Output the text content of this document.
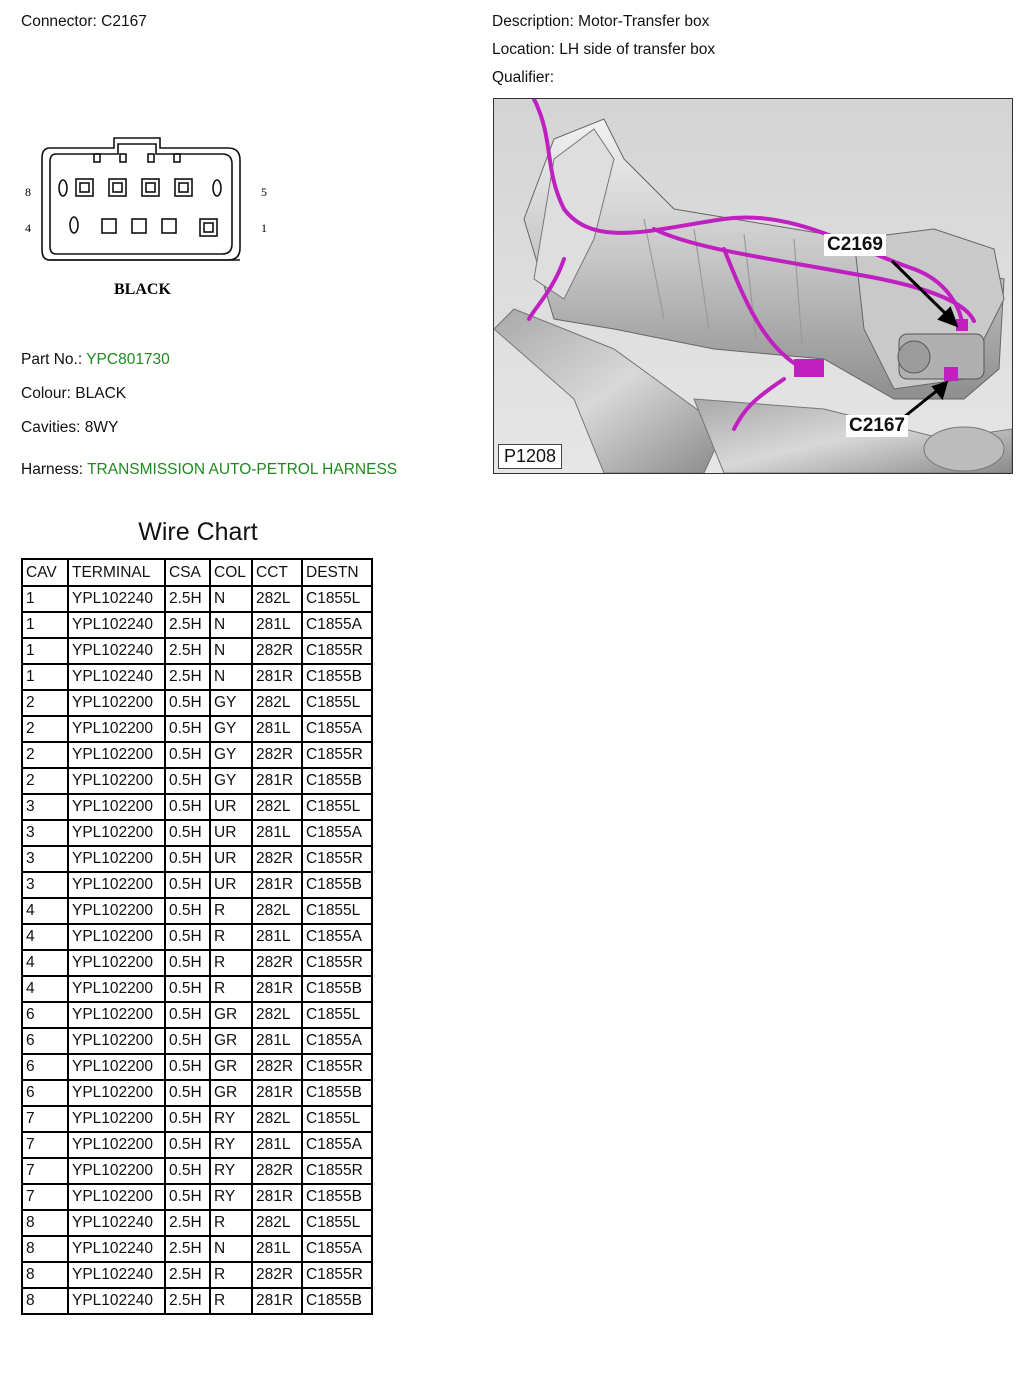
Connector: C2167	Description: Motor-Transfer box
Location: LH side of transfer box
Qualifier:
8
4
5
1
BLACK
C2169
C2167
P1208
Part No.: YPC801730
Colour: BLACK
Cavities: 8WY
Harness: TRANSMISSION AUTO-PETROL HARNESS
Wire Chart
CAV	TERMINAL	CSA	COL	CCT	DESTN
1	YPL102240	2.5H	N	282L	C1855L
1	YPL102240	2.5H	N	281L	C1855A
1	YPL102240	2.5H	N	282R	C1855R
1	YPL102240	2.5H	N	281R	C1855B
2	YPL102200	0.5H	GY	282L	C1855L
2	YPL102200	0.5H	GY	281L	C1855A
2	YPL102200	0.5H	GY	282R	C1855R
2	YPL102200	0.5H	GY	281R	C1855B
3	YPL102200	0.5H	UR	282L	C1855L
3	YPL102200	0.5H	UR	281L	C1855A
3	YPL102200	0.5H	UR	282R	C1855R
3	YPL102200	0.5H	UR	281R	C1855B
4	YPL102200	0.5H	R	282L	C1855L
4	YPL102200	0.5H	R	281L	C1855A
4	YPL102200	0.5H	R	282R	C1855R
4	YPL102200	0.5H	R	281R	C1855B
6	YPL102200	0.5H	GR	282L	C1855L
6	YPL102200	0.5H	GR	281L	C1855A
6	YPL102200	0.5H	GR	282R	C1855R
6	YPL102200	0.5H	GR	281R	C1855B
7	YPL102200	0.5H	RY	282L	C1855L
7	YPL102200	0.5H	RY	281L	C1855A
7	YPL102200	0.5H	RY	282R	C1855R
7	YPL102200	0.5H	RY	281R	C1855B
8	YPL102240	2.5H	R	282L	C1855L
8	YPL102240	2.5H	N	281L	C1855A
8	YPL102240	2.5H	R	282R	C1855R
8	YPL102240	2.5H	R	281R	C1855B
